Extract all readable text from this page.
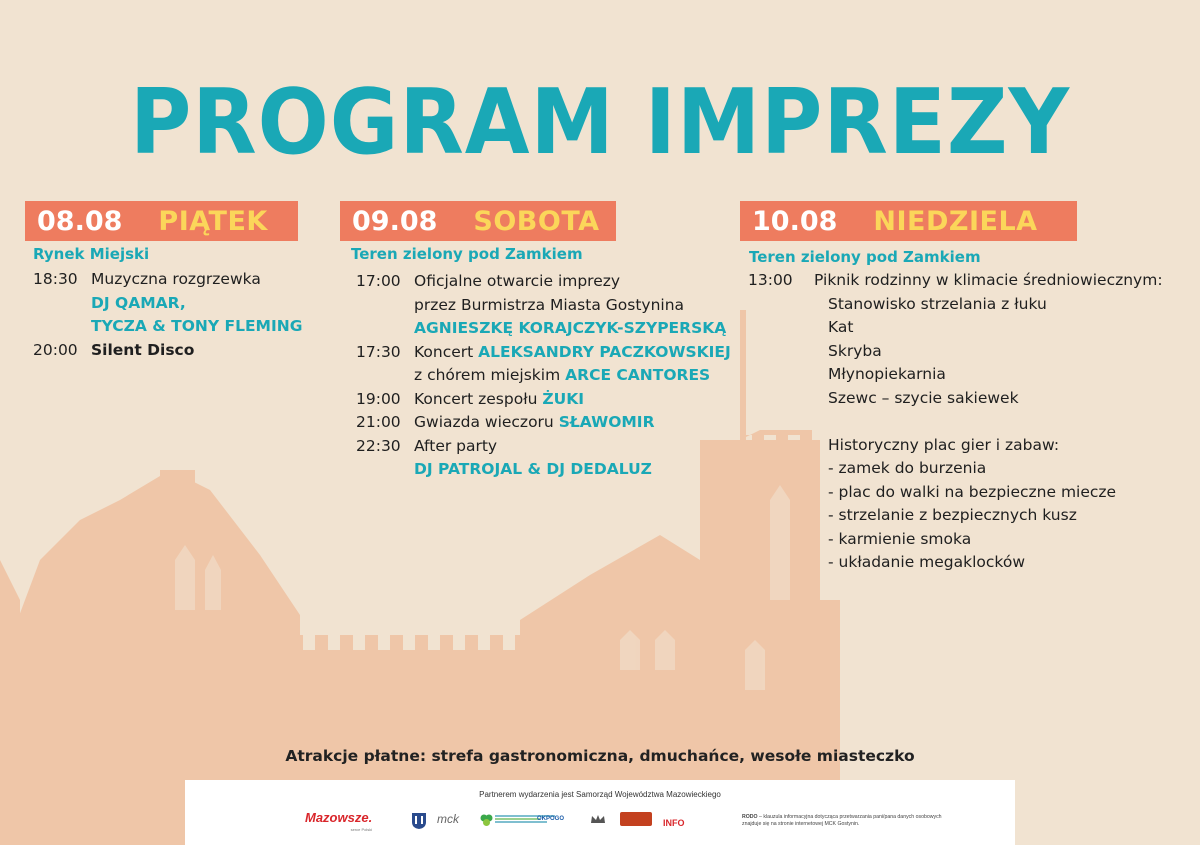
PROGRAM IMPREZY
08.08 PIĄTEK
Rynek Miejski
18:30 Muzyczna rozgrzewka
DJ QAMAR,
TYCZA & TONY FLEMING
20:00 Silent Disco
09.08 SOBOTA
Teren zielony pod Zamkiem
17:00 Oficjalne otwarcie imprezy
przez Burmistrza Miasta Gostynina
AGNIESZKĘ KORAJCZYK-SZYPERSKĄ
17:30 Koncert ALEKSANDRY PACZKOWSKIEJ
z chórem miejskim ARCE CANTORES
19:00 Koncert zespołu ŻUKI
21:00 Gwiazda wieczoru SŁAWOMIR
22:30 After party
DJ PATROJAL & DJ DEDALUZ
10.08 NIEDZIELA
Teren zielony pod Zamkiem
13:00	Piknik rodzinny w klimacie średniowiecznym:
Stanowisko strzelania z łuku
Kat
Skryba
Młynopiekarnia
Szewc – szycie sakiewek
Historyczny plac gier i zabaw:
- zamek do burzenia
- plac do walki na bezpieczne miecze
- strzelanie z bezpiecznych kusz
- karmienie smoka
- układanie megaklocków
Atrakcje płatne: strefa gastronomiczna, dmuchańce, wesołe miasteczko
Partnerem wydarzenia jest Samorząd Województwa Mazowieckiego
Mazowsze.
serce Polski
mck	OKPOGO	INFO
RODO – klauzula informacyjna dotycząca przetwarzania pani/pana danych osobowych znajduje się na stronie internetowej MCK Gostynin.
